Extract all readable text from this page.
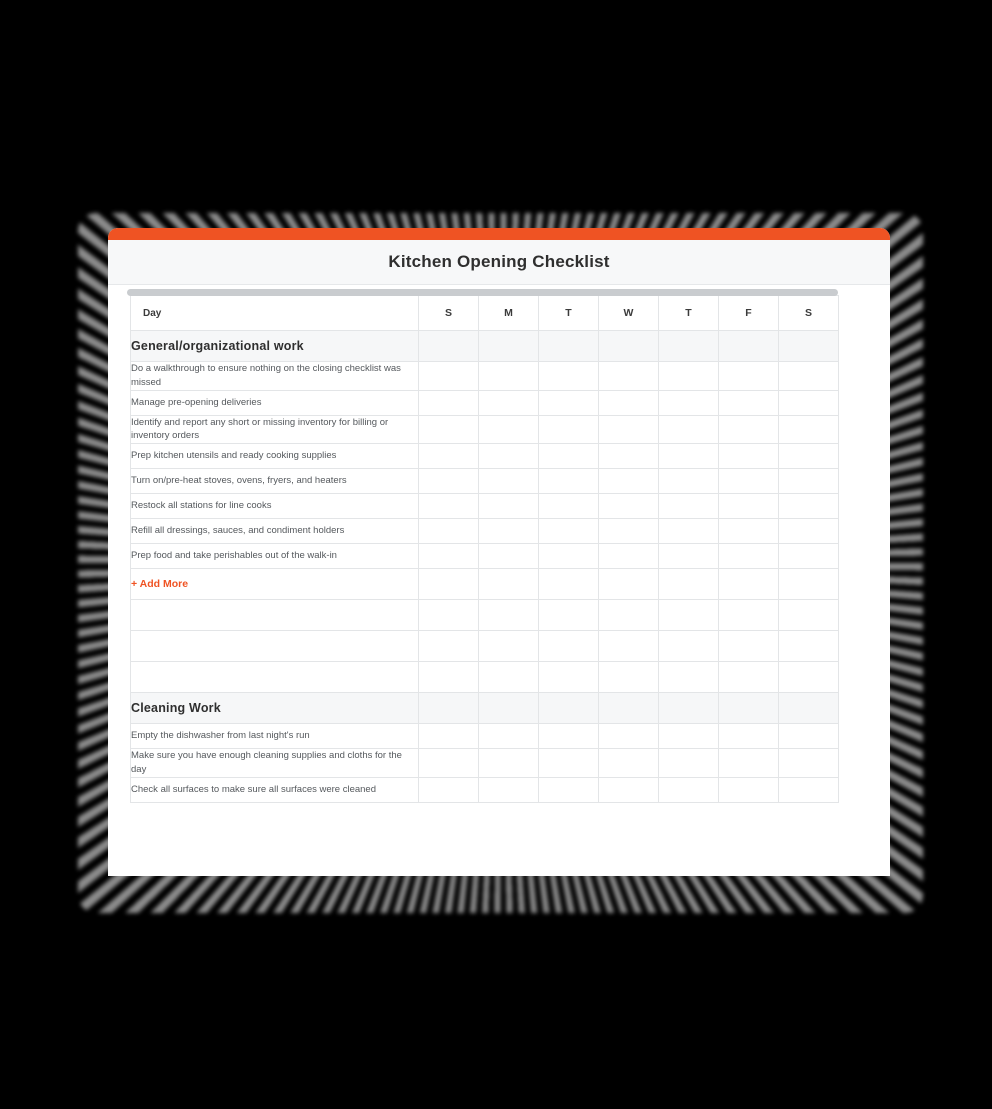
Kitchen Opening Checklist
Day	S	M	T	W	T	F	S
General/organizational work							
Do a walkthrough to ensure nothing on the closing checklist was missed							
Manage pre-opening deliveries							
Identify and report any short or missing inventory for billing or inventory orders							
Prep kitchen utensils and ready cooking supplies							
Turn on/pre-heat stoves, ovens, fryers, and heaters							
Restock all stations for line cooks							
Refill all dressings, sauces, and condiment holders							
Prep food and take perishables out of the walk-in							
+ Add More							

Cleaning Work							
Empty the dishwasher from last night's run							
Make sure you have enough cleaning supplies and cloths for the day							
Check all surfaces to make sure all surfaces were cleaned							
